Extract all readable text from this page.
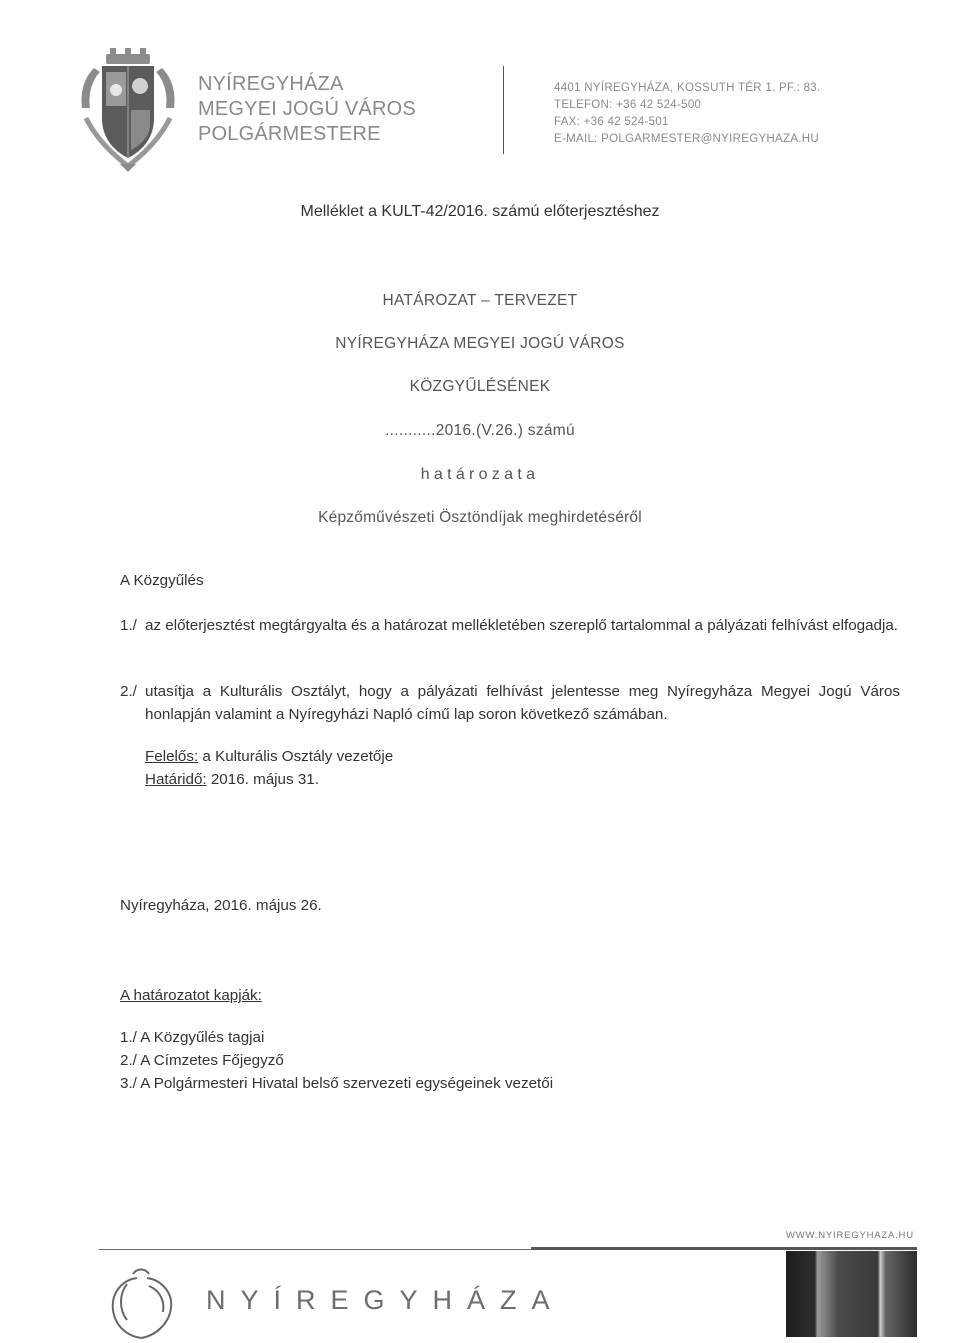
NYÍREGYHÁZA
MEGYEI JOGÚ VÁROS
POLGÁRMESTERE
4401 NYÍREGYHÁZA, KOSSUTH TÉR 1. PF.: 83.
TELEFON: +36 42 524-500
FAX: +36 42 524-501
E-MAIL: POLGARMESTER@NYIREGYHAZA.HU
Melléklet a KULT-42/2016. számú előterjesztéshez
HATÁROZAT – TERVEZET
NYÍREGYHÁZA MEGYEI JOGÚ VÁROS
KÖZGYŰLÉSÉNEK
...........2016.(V.26.) számú
határozata
Képzőművészeti Ösztöndíjak meghirdetéséről
A Közgyűlés
1./ az előterjesztést megtárgyalta és a határozat mellékletében szereplő tartalommal a pályázati felhívást elfogadja.
2./ utasítja a Kulturális Osztályt, hogy a pályázati felhívást jelentesse meg Nyíregyháza Megyei Jogú Város honlapján valamint a Nyíregyházi Napló című lap soron következő számában.
Felelős: a Kulturális Osztály vezetője
Határidő: 2016. május 31.
Nyíregyháza, 2016. május 26.
A határozatot kapják:
1./ A Közgyűlés tagjai
2./ A Címzetes Főjegyző
3./ A Polgármesteri Hivatal belső szervezeti egységeinek vezetői
WWW.NYIREGYHAZA.HU
NYÍREGYHÁZA
